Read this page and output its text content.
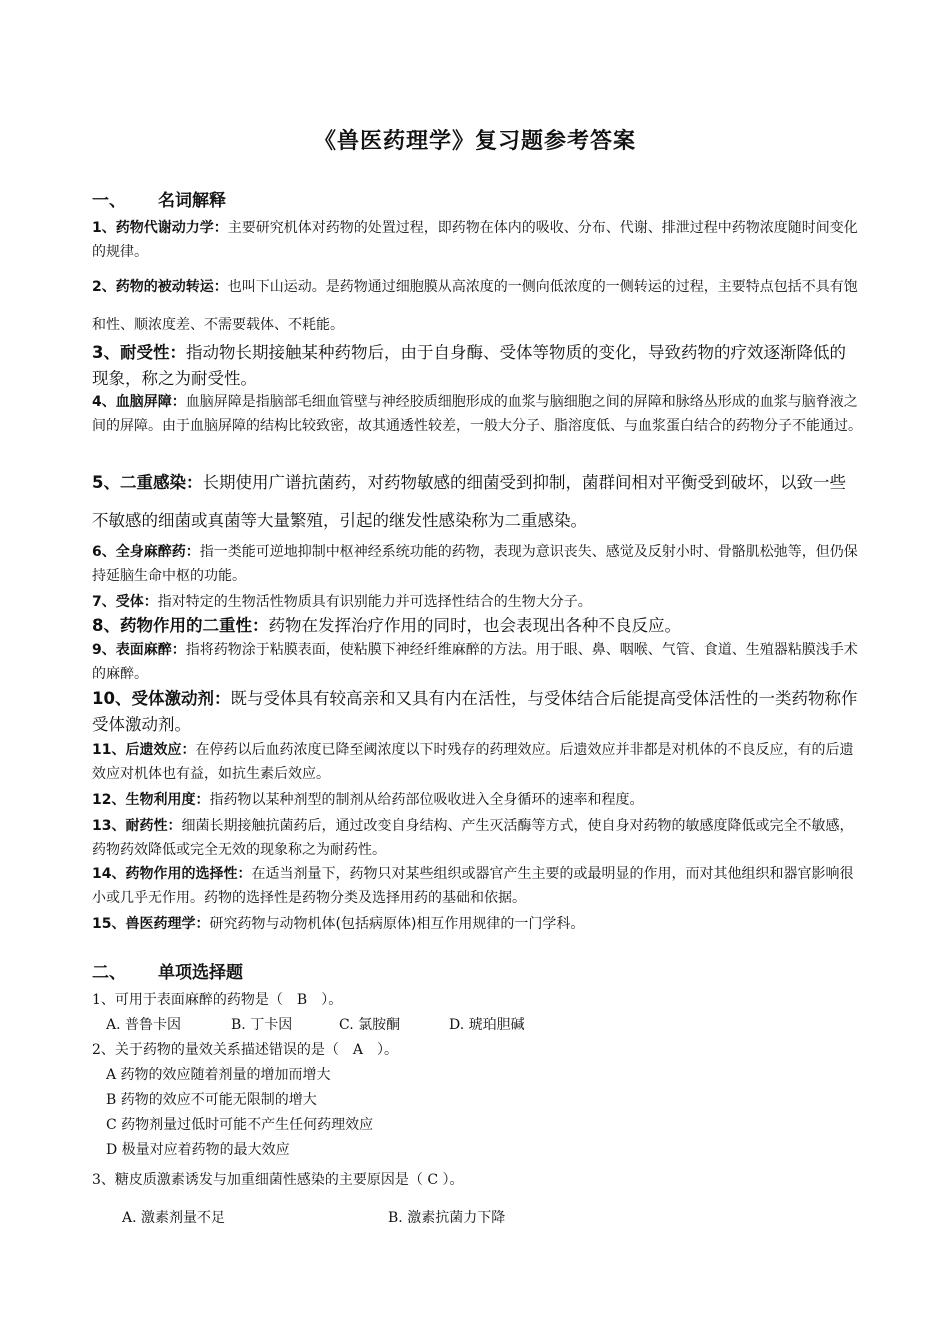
《兽医药理学》复习题参考答案
一、 名词解释
1、药物代谢动力学：主要研究机体对药物的处置过程，即药物在体内的吸收、分布、代谢、排泄过程中药物浓度随时间变化的规律。
2、药物的被动转运：也叫下山运动。是药物通过细胞膜从高浓度的一侧向低浓度的一侧转运的过程，主要特点包括不具有饱和性、顺浓度差、不需要载体、不耗能。
3、耐受性：指动物长期接触某种药物后，由于自身酶、受体等物质的变化，导致药物的疗效逐渐降低的现象，称之为耐受性。
4、血脑屏障：血脑屏障是指脑部毛细血管壁与神经胶质细胞形成的血浆与脑细胞之间的屏障和脉络丛形成的血浆与脑脊液之间的屏障。由于血脑屏障的结构比较致密，故其通透性较差，一般大分子、脂溶度低、与血浆蛋白结合的药物分子不能通过。
5、二重感染：长期使用广谱抗菌药，对药物敏感的细菌受到抑制，菌群间相对平衡受到破坏，以致一些不敏感的细菌或真菌等大量繁殖，引起的继发性感染称为二重感染。
6、全身麻醉药：指一类能可逆地抑制中枢神经系统功能的药物，表现为意识丧失、感觉及反射小时、骨骼肌松弛等，但仍保持延脑生命中枢的功能。
7、受体：指对特定的生物活性物质具有识别能力并可选择性结合的生物大分子。
8、药物作用的二重性：药物在发挥治疗作用的同时，也会表现出各种不良反应。
9、表面麻醉：指将药物涂于粘膜表面，使粘膜下神经纤维麻醉的方法。用于眼、鼻、咽喉、气管、食道、生殖器粘膜浅手术的麻醉。
10、受体激动剂：既与受体具有较高亲和又具有内在活性，与受体结合后能提高受体活性的一类药物称作受体激动剂。
11、后遗效应：在停药以后血药浓度已降至阈浓度以下时残存的药理效应。后遗效应并非都是对机体的不良反应，有的后遗效应对机体也有益，如抗生素后效应。
12、生物利用度：指药物以某种剂型的制剂从给药部位吸收进入全身循环的速率和程度。
13、耐药性：细菌长期接触抗菌药后，通过改变自身结构、产生灭活酶等方式，使自身对药物的敏感度降低或完全不敏感，药物药效降低或完全无效的现象称之为耐药性。
14、药物作用的选择性：在适当剂量下，药物只对某些组织或器官产生主要的或最明显的作用，而对其他组织和器官影响很小或几乎无作用。药物的选择性是药物分类及选择用药的基础和依据。
15、兽医药理学：研究药物与动物机体(包括病原体)相互作用规律的一门学科。
二、 单项选择题
1、可用于表面麻醉的药物是（　B　）。
A. 普鲁卡因	B. 丁卡因	C. 氯胺酮	D. 琥珀胆碱
2、关于药物的量效关系描述错误的是（　A　）。
A 药物的效应随着剂量的增加而增大
B 药物的效应不可能无限制的增大
C 药物剂量过低时可能不产生任何药理效应
D 极量对应着药物的最大效应
3、糖皮质激素诱发与加重细菌性感染的主要原因是（ C ）。
A. 激素剂量不足	B. 激素抗菌力下降
